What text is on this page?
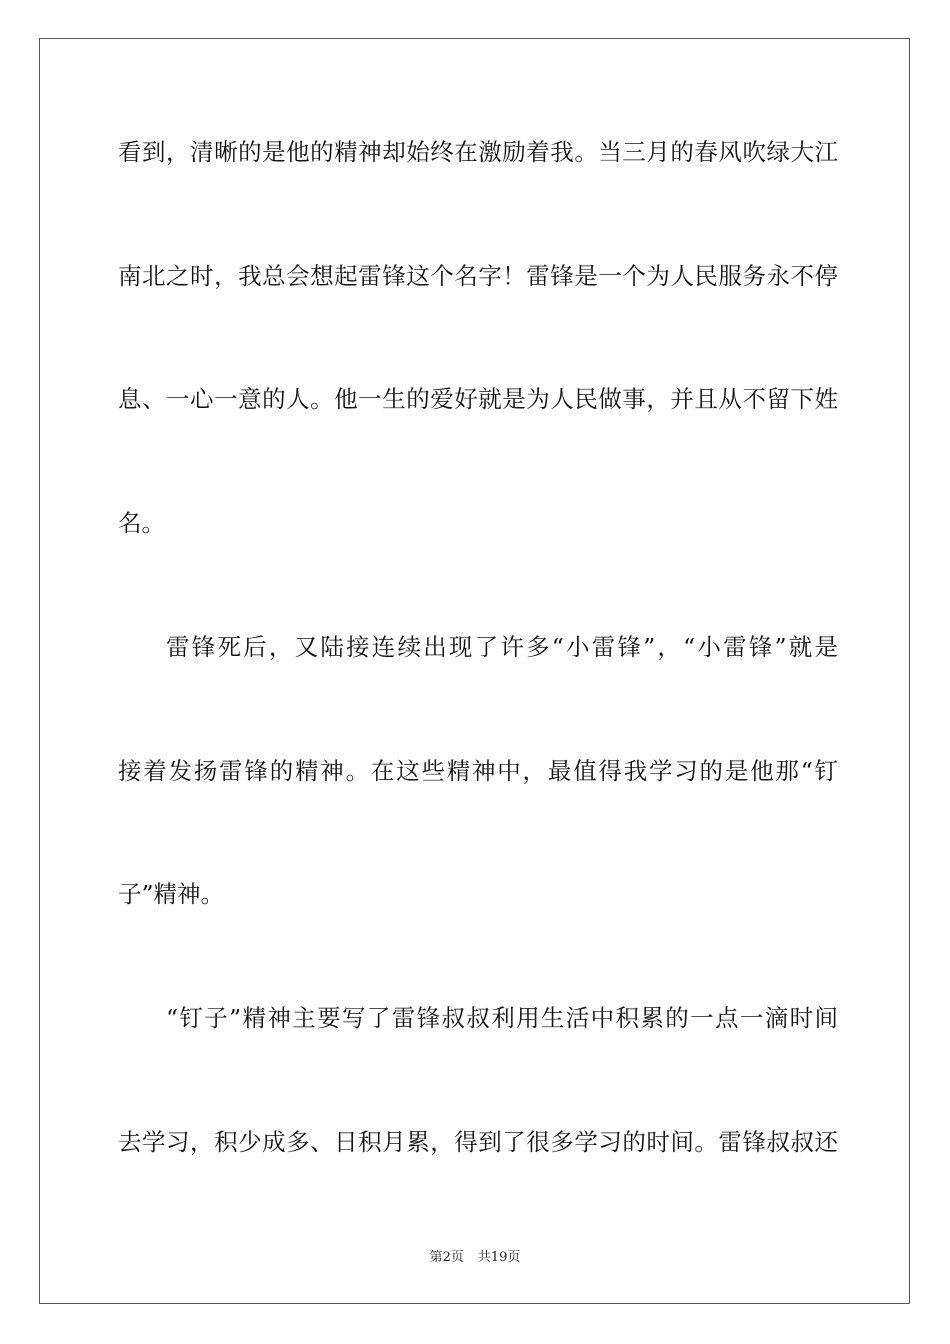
看到，清晰的是他的精神却始终在激励着我。当三月的春风吹绿大江
南北之时，我总会想起雷锋这个名字！雷锋是一个为人民服务永不停
息、一心一意的人。他一生的爱好就是为人民做事，并且从不留下姓
名。
雷锋死后，又陆接连续出现了许多“小雷锋”，“小雷锋”就是
接着发扬雷锋的精神。在这些精神中，最值得我学习的是他那“钉
子”精神。
“钉子”精神主要写了雷锋叔叔利用生活中积累的一点一滴时间
去学习，积少成多、日积月累，得到了很多学习的时间。雷锋叔叔还
第2页 共19页
